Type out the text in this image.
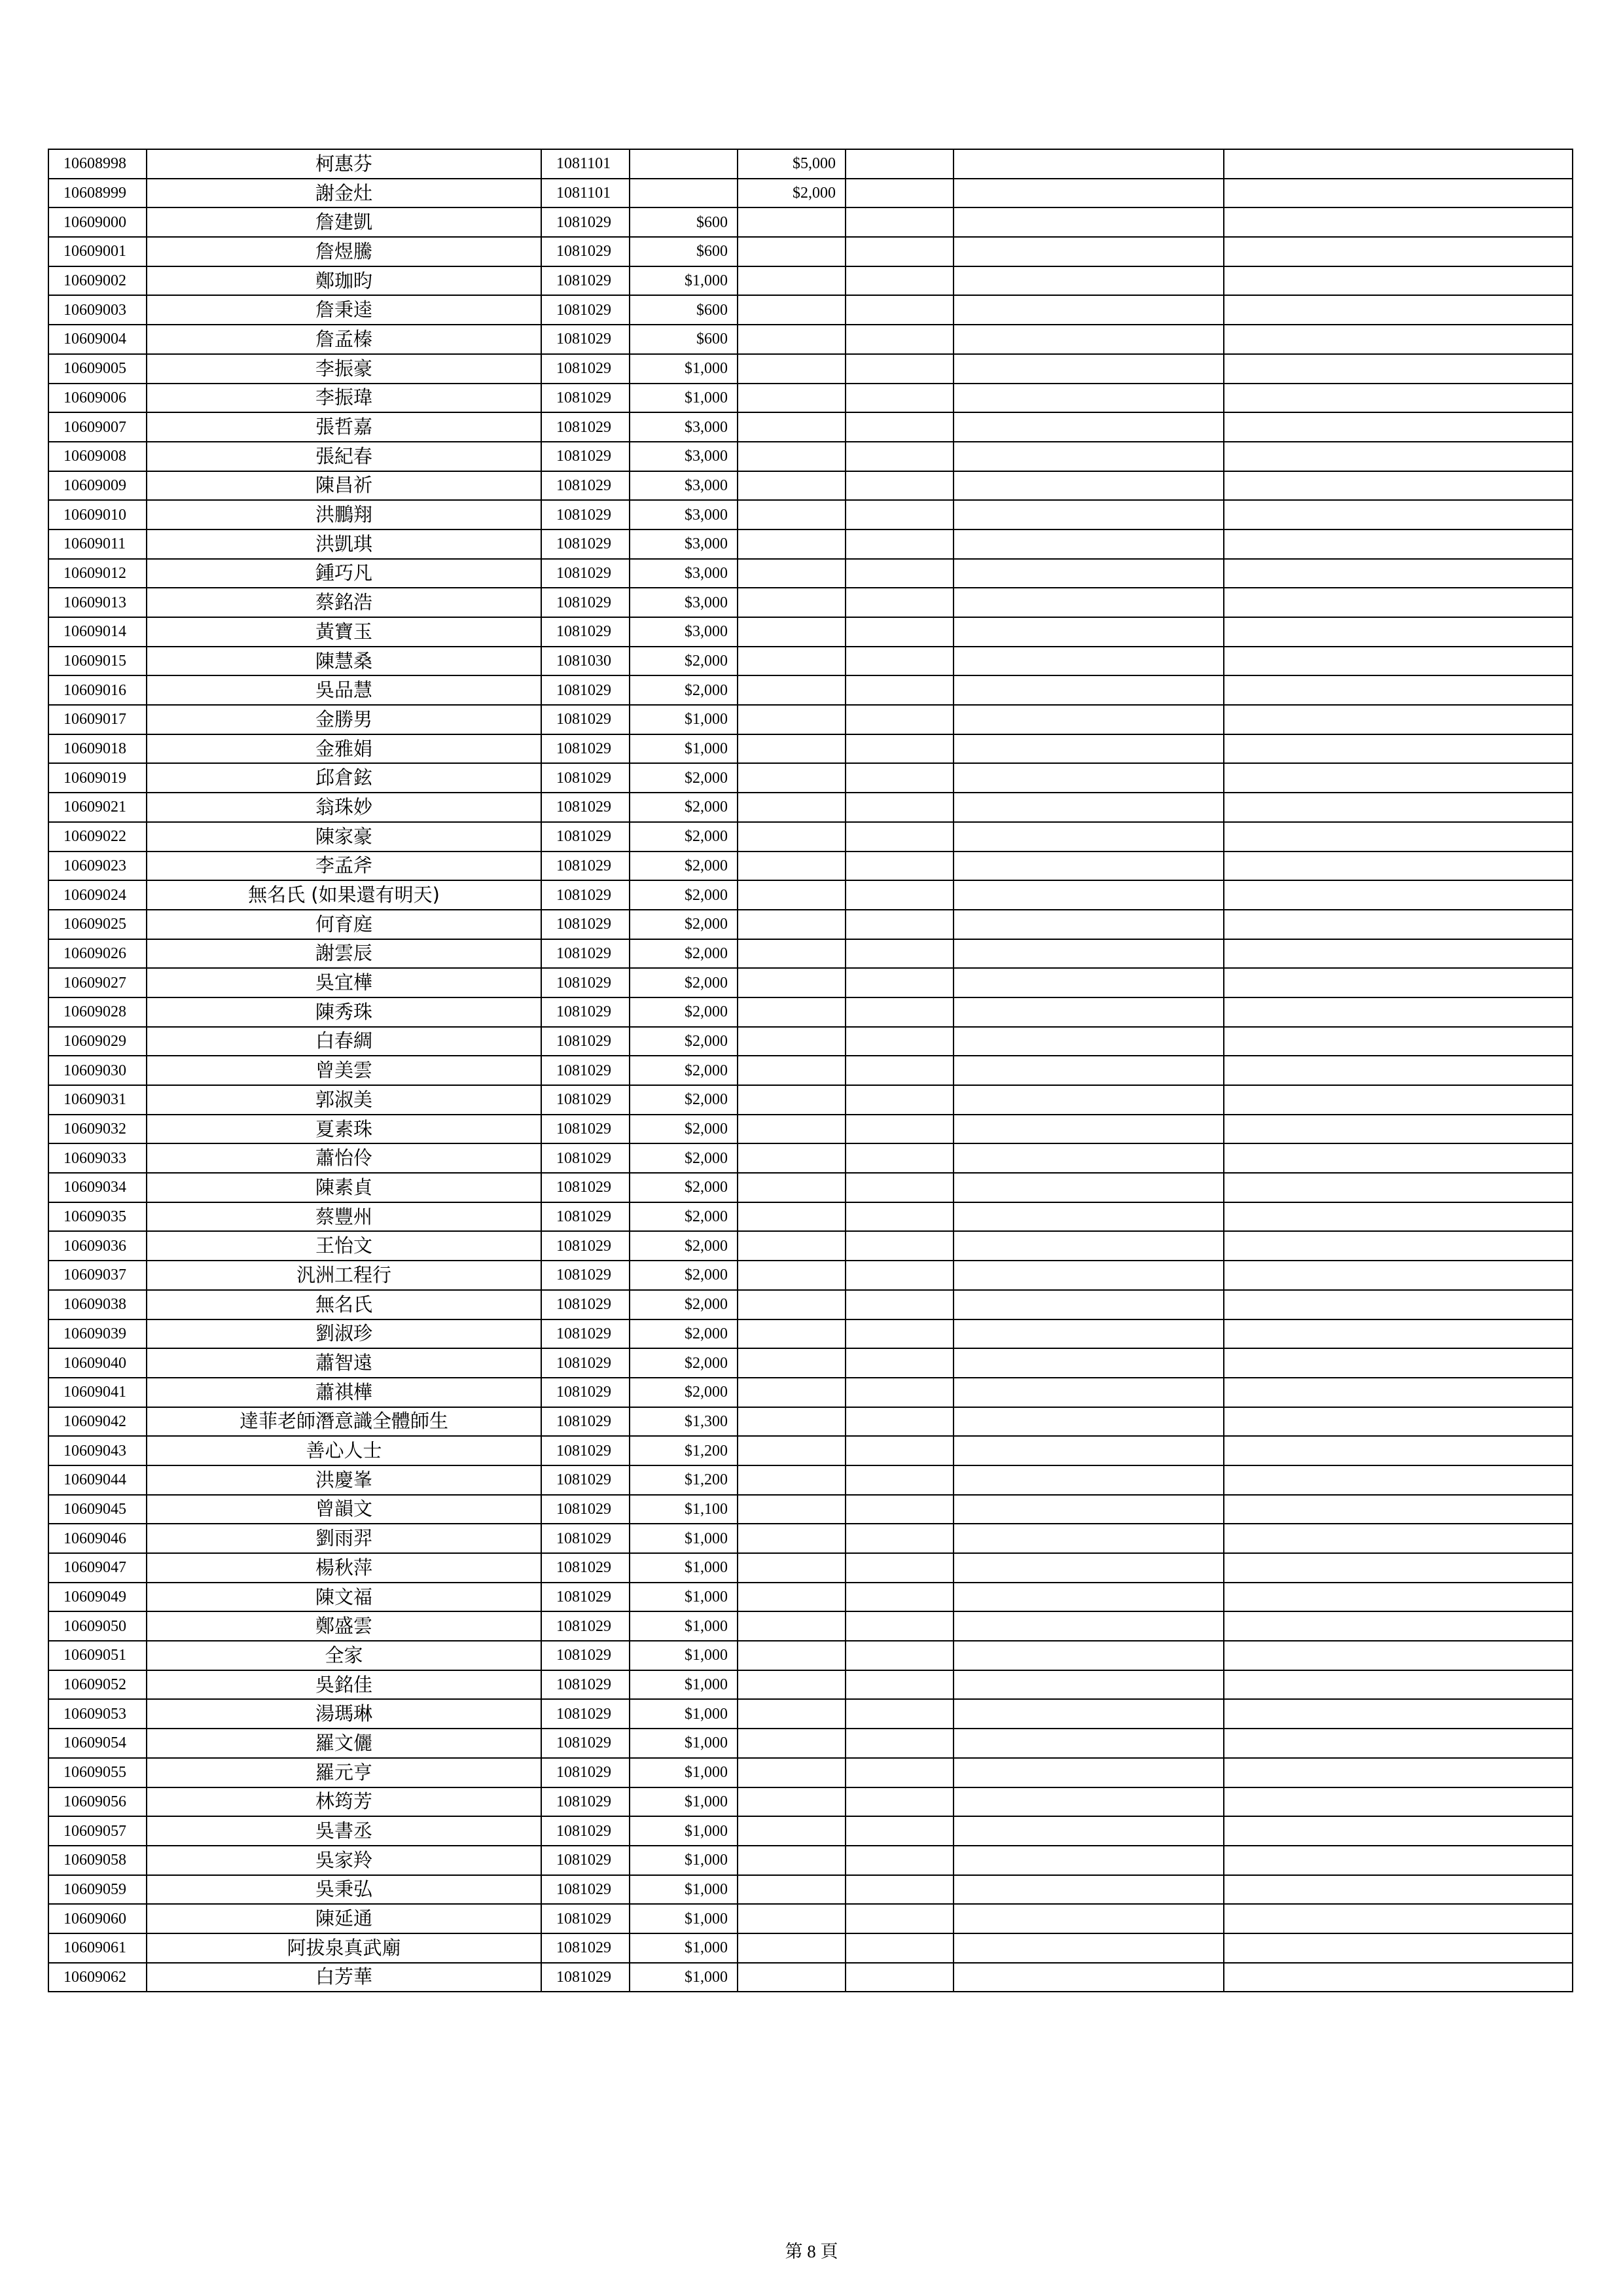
10608998	柯惠芬	1081101		$5,000			
10608999	謝金灶	1081101		$2,000			
10609000	詹建凱	1081029	$600				
10609001	詹煜騰	1081029	$600				
10609002	鄭珈昀	1081029	$1,000				
10609003	詹秉逵	1081029	$600				
10609004	詹孟榛	1081029	$600				
10609005	李振豪	1081029	$1,000				
10609006	李振瑋	1081029	$1,000				
10609007	張哲嘉	1081029	$3,000				
10609008	張紀春	1081029	$3,000				
10609009	陳昌祈	1081029	$3,000				
10609010	洪鵬翔	1081029	$3,000				
10609011	洪凱琪	1081029	$3,000				
10609012	鍾巧凡	1081029	$3,000				
10609013	蔡銘浩	1081029	$3,000				
10609014	黃寶玉	1081029	$3,000				
10609015	陳慧桑	1081030	$2,000				
10609016	吳品慧	1081029	$2,000				
10609017	金勝男	1081029	$1,000				
10609018	金雅娟	1081029	$1,000				
10609019	邱倉鉉	1081029	$2,000				
10609021	翁珠妙	1081029	$2,000				
10609022	陳家豪	1081029	$2,000				
10609023	李孟斧	1081029	$2,000				
10609024	無名氏 (如果還有明天)	1081029	$2,000				
10609025	何育庭	1081029	$2,000				
10609026	謝雲辰	1081029	$2,000				
10609027	吳宜樺	1081029	$2,000				
10609028	陳秀珠	1081029	$2,000				
10609029	白春綢	1081029	$2,000				
10609030	曾美雲	1081029	$2,000				
10609031	郭淑美	1081029	$2,000				
10609032	夏素珠	1081029	$2,000				
10609033	蕭怡伶	1081029	$2,000				
10609034	陳素貞	1081029	$2,000				
10609035	蔡豐州	1081029	$2,000				
10609036	王怡文	1081029	$2,000				
10609037	汎洲工程行	1081029	$2,000				
10609038	無名氏	1081029	$2,000				
10609039	劉淑珍	1081029	$2,000				
10609040	蕭智遠	1081029	$2,000				
10609041	蕭祺樺	1081029	$2,000				
10609042	達菲老師潛意識全體師生	1081029	$1,300				
10609043	善心人士	1081029	$1,200				
10609044	洪慶峯	1081029	$1,200				
10609045	曾韻文	1081029	$1,100				
10609046	劉雨羿	1081029	$1,000				
10609047	楊秋萍	1081029	$1,000				
10609049	陳文福	1081029	$1,000				
10609050	鄭盛雲	1081029	$1,000				
10609051	全家	1081029	$1,000				
10609052	吳銘佳	1081029	$1,000				
10609053	湯瑪琳	1081029	$1,000				
10609054	羅文儷	1081029	$1,000				
10609055	羅元亨	1081029	$1,000				
10609056	林筠芳	1081029	$1,000				
10609057	吳書丞	1081029	$1,000				
10609058	吳家羚	1081029	$1,000				
10609059	吳秉弘	1081029	$1,000				
10609060	陳延通	1081029	$1,000				
10609061	阿拔泉真武廟	1081029	$1,000				
10609062	白芳華	1081029	$1,000				
第 8 頁
